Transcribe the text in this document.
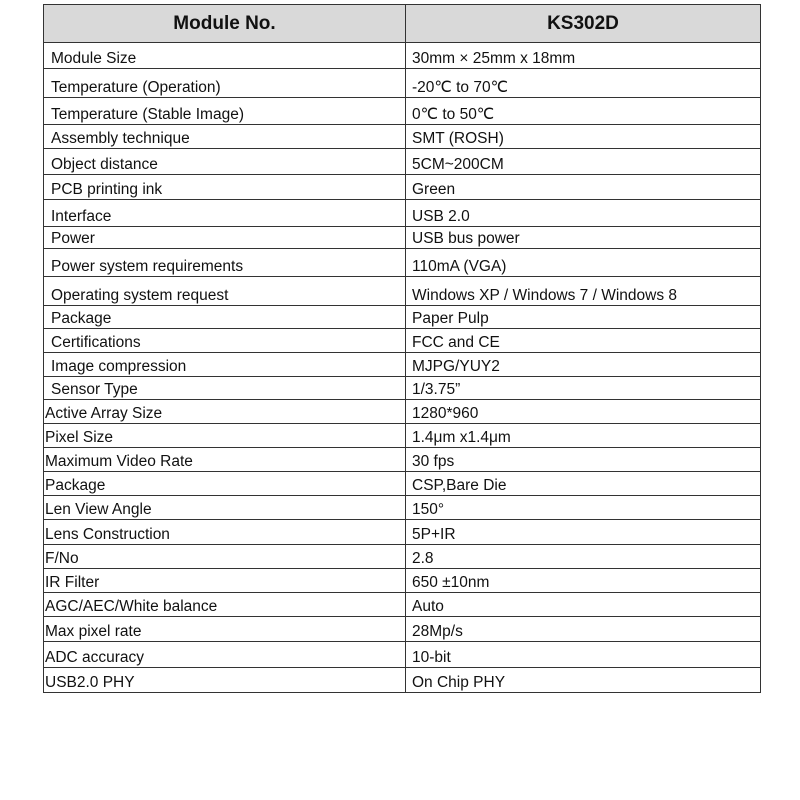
Module No.	KS302D
Module Size	30mm × 25mm x 18mm
Temperature (Operation)	-20℃ to 70℃
Temperature (Stable Image)	0℃ to 50℃
Assembly technique	SMT (ROSH)
Object distance	5CM~200CM
PCB printing ink	Green
Interface	USB 2.0
Power	USB bus power
Power system requirements	110mA (VGA)
Operating system request	Windows XP / Windows 7 / Windows 8
Package	Paper Pulp
Certifications	FCC and CE
Image compression	MJPG/YUY2
Sensor Type	1/3.75”
Active Array Size	1280*960
Pixel Size	1.4μm x1.4μm
Maximum Video Rate	30 fps
Package	CSP,Bare Die
Len View Angle	150°
Lens Construction	5P+IR
F/No	2.8
IR Filter	650 ±10nm
AGC/AEC/White balance	Auto
Max pixel rate	28Mp/s
ADC accuracy	10-bit
USB2.0 PHY	On Chip PHY
